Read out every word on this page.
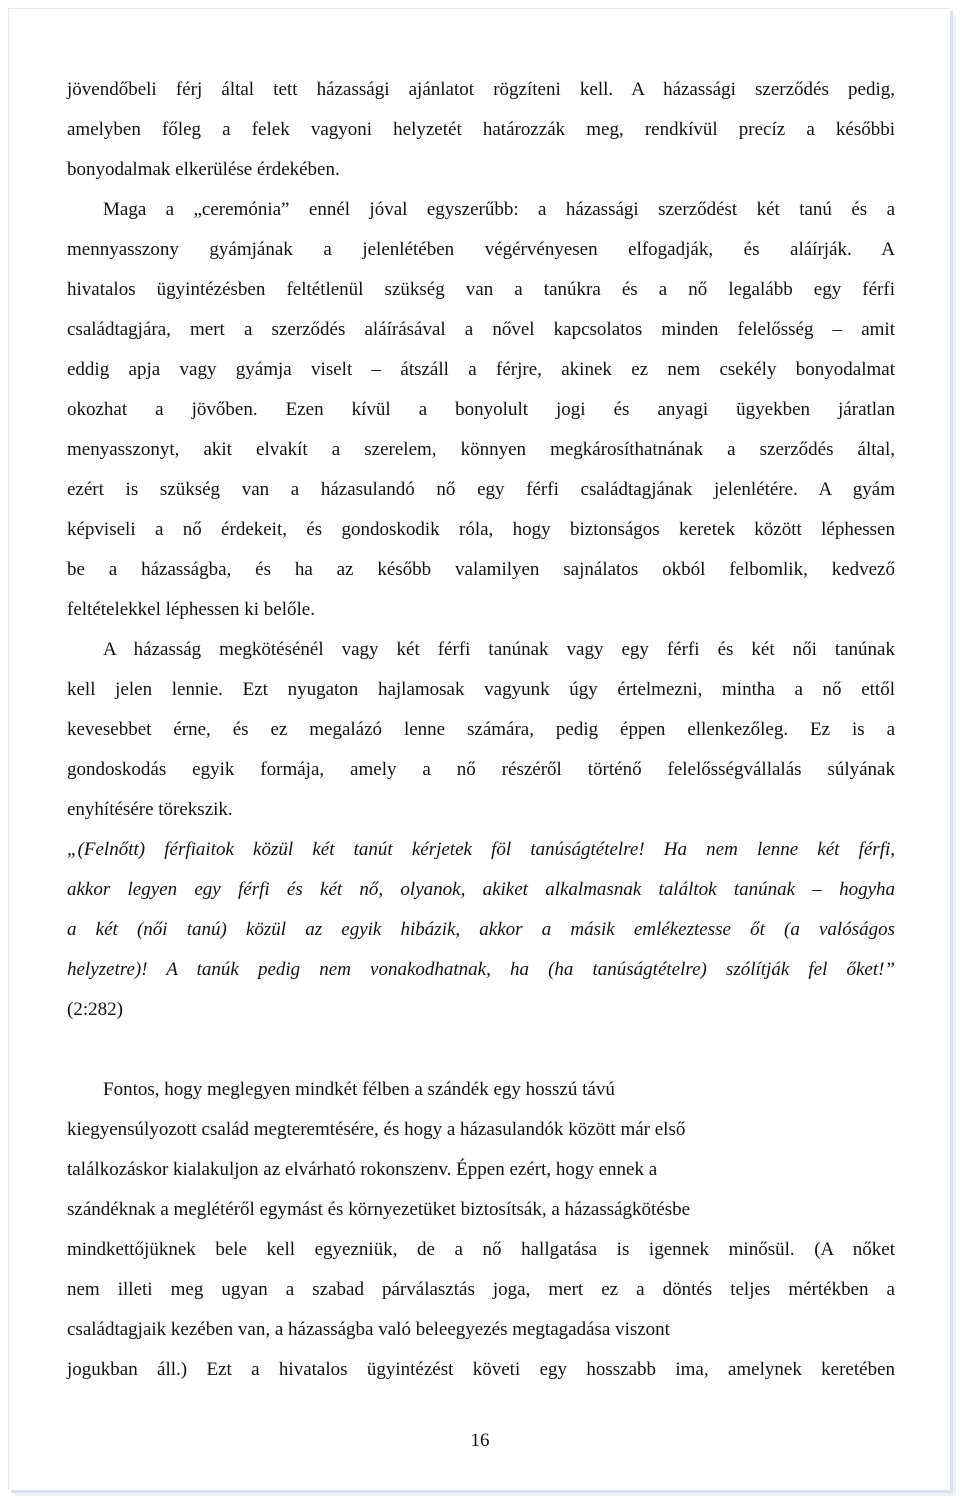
jövendőbeli férj által tett házassági ajánlatot rögzíteni kell. A házassági szerződés pedig,
amelyben főleg a felek vagyoni helyzetét határozzák meg, rendkívül precíz a későbbi
bonyodalmak elkerülése érdekében.
Maga a „ceremónia” ennél jóval egyszerűbb: a házassági szerződést két tanú és a
mennyasszony gyámjának a jelenlétében végérvényesen elfogadják, és aláírják. A
hivatalos ügyintézésben feltétlenül szükség van a tanúkra és a nő legalább egy férfi
családtagjára, mert a szerződés aláírásával a nővel kapcsolatos minden felelősség – amit
eddig apja vagy gyámja viselt – átszáll a férjre, akinek ez nem csekély bonyodalmat
okozhat a jövőben. Ezen kívül a bonyolult jogi és anyagi ügyekben járatlan
menyasszonyt, akit elvakít a szerelem, könnyen megkárosíthatnának a szerződés által,
ezért is szükség van a házasulandó nő egy férfi családtagjának jelenlétére. A gyám
képviseli a nő érdekeit, és gondoskodik róla, hogy biztonságos keretek között léphessen
be a házasságba, és ha az később valamilyen sajnálatos okból felbomlik, kedvező
feltételekkel léphessen ki belőle.
A házasság megkötésénél vagy két férfi tanúnak vagy egy férfi és két női tanúnak
kell jelen lennie. Ezt nyugaton hajlamosak vagyunk úgy értelmezni, mintha a nő ettől
kevesebbet érne, és ez megalázó lenne számára, pedig éppen ellenkezőleg. Ez is a
gondoskodás egyik formája, amely a nő részéről történő felelősségvállalás súlyának
enyhítésére törekszik.
„(Felnőtt) férfiaitok közül két tanút kérjetek föl tanúságtételre! Ha nem lenne két férfi,
akkor legyen egy férfi és két nő, olyanok, akiket alkalmasnak találtok tanúnak – hogyha
a két (női tanú) közül az egyik hibázik, akkor a másik emlékeztesse őt (a valóságos
helyzetre)! A tanúk pedig nem vonakodhatnak, ha (ha tanúságtételre) szólítják fel őket!”
(2:282)
Fontos, hogy meglegyen mindkét félben a szándék egy hosszú távú
kiegyensúlyozott család megteremtésére, és hogy a házasulandók között már első
találkozáskor kialakuljon az elvárható rokonszenv. Éppen ezért, hogy ennek a
szándéknak a meglétéről egymást és környezetüket biztosítsák, a házasságkötésbe
mindkettőjüknek bele kell egyezniük, de a nő hallgatása is igennek minősül. (A nőket
nem illeti meg ugyan a szabad párválasztás joga, mert ez a döntés teljes mértékben a
családtagjaik kezében van, a házasságba való beleegyezés megtagadása viszont
jogukban áll.) Ezt a hivatalos ügyintézést követi egy hosszabb ima, amelynek keretében
16
